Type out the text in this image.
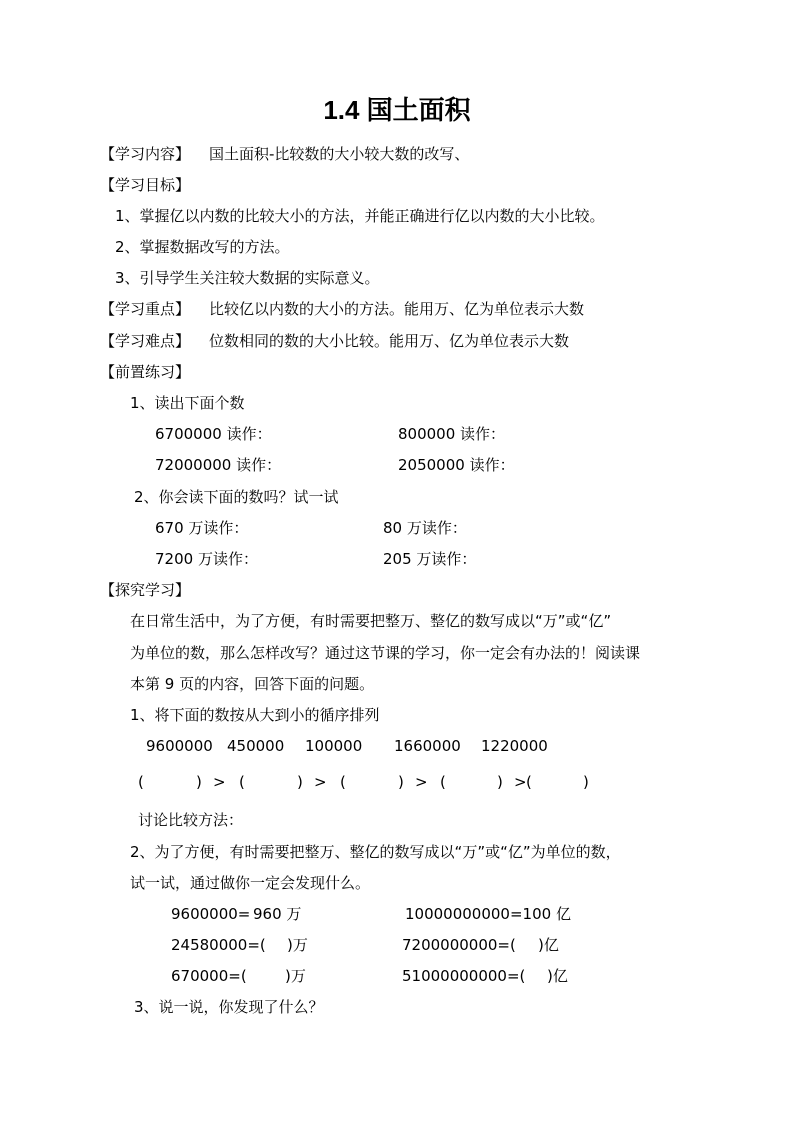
1.4 国土面积
【学习内容】 国土面积-比较数的大小较大数的改写、
【学习目标】
1、掌握亿以内数的比较大小的方法，并能正确进行亿以内数的大小比较。
2、掌握数据改写的方法。
3、引导学生关注较大数据的实际意义。
【学习重点】 比较亿以内数的大小的方法。能用万、亿为单位表示大数
【学习难点】 位数相同的数的大小比较。能用万、亿为单位表示大数
【前置练习】
1、读出下面个数
6700000 读作：	800000 读作：
72000000 读作：	2050000 读作：
2、你会读下面的数吗？试一试
670 万读作：	80 万读作：
7200 万读作：	205 万读作：
【探究学习】
在日常生活中，为了方便，有时需要把整万、整亿的数写成以“万”或“亿”
为单位的数，那么怎样改写？通过这节课的学习，你一定会有办法的！阅读课
本第 9 页的内容，回答下面的问题。
1、将下面的数按从大到小的循序排列
9600000 450000 100000 1660000 1220000
(	) > (	) > (	) > (	) > (	)
讨论比较方法：
2、为了方便，有时需要把整万、整亿的数写成以“万”或“亿”为单位的数，
试一试，通过做你一定会发现什么。
9600000= 960 万	10000000000=100 亿
24580000=( )万	7200000000=( )亿
670000=(	)万	51000000000=( )亿
3、说一说，你发现了什么？
